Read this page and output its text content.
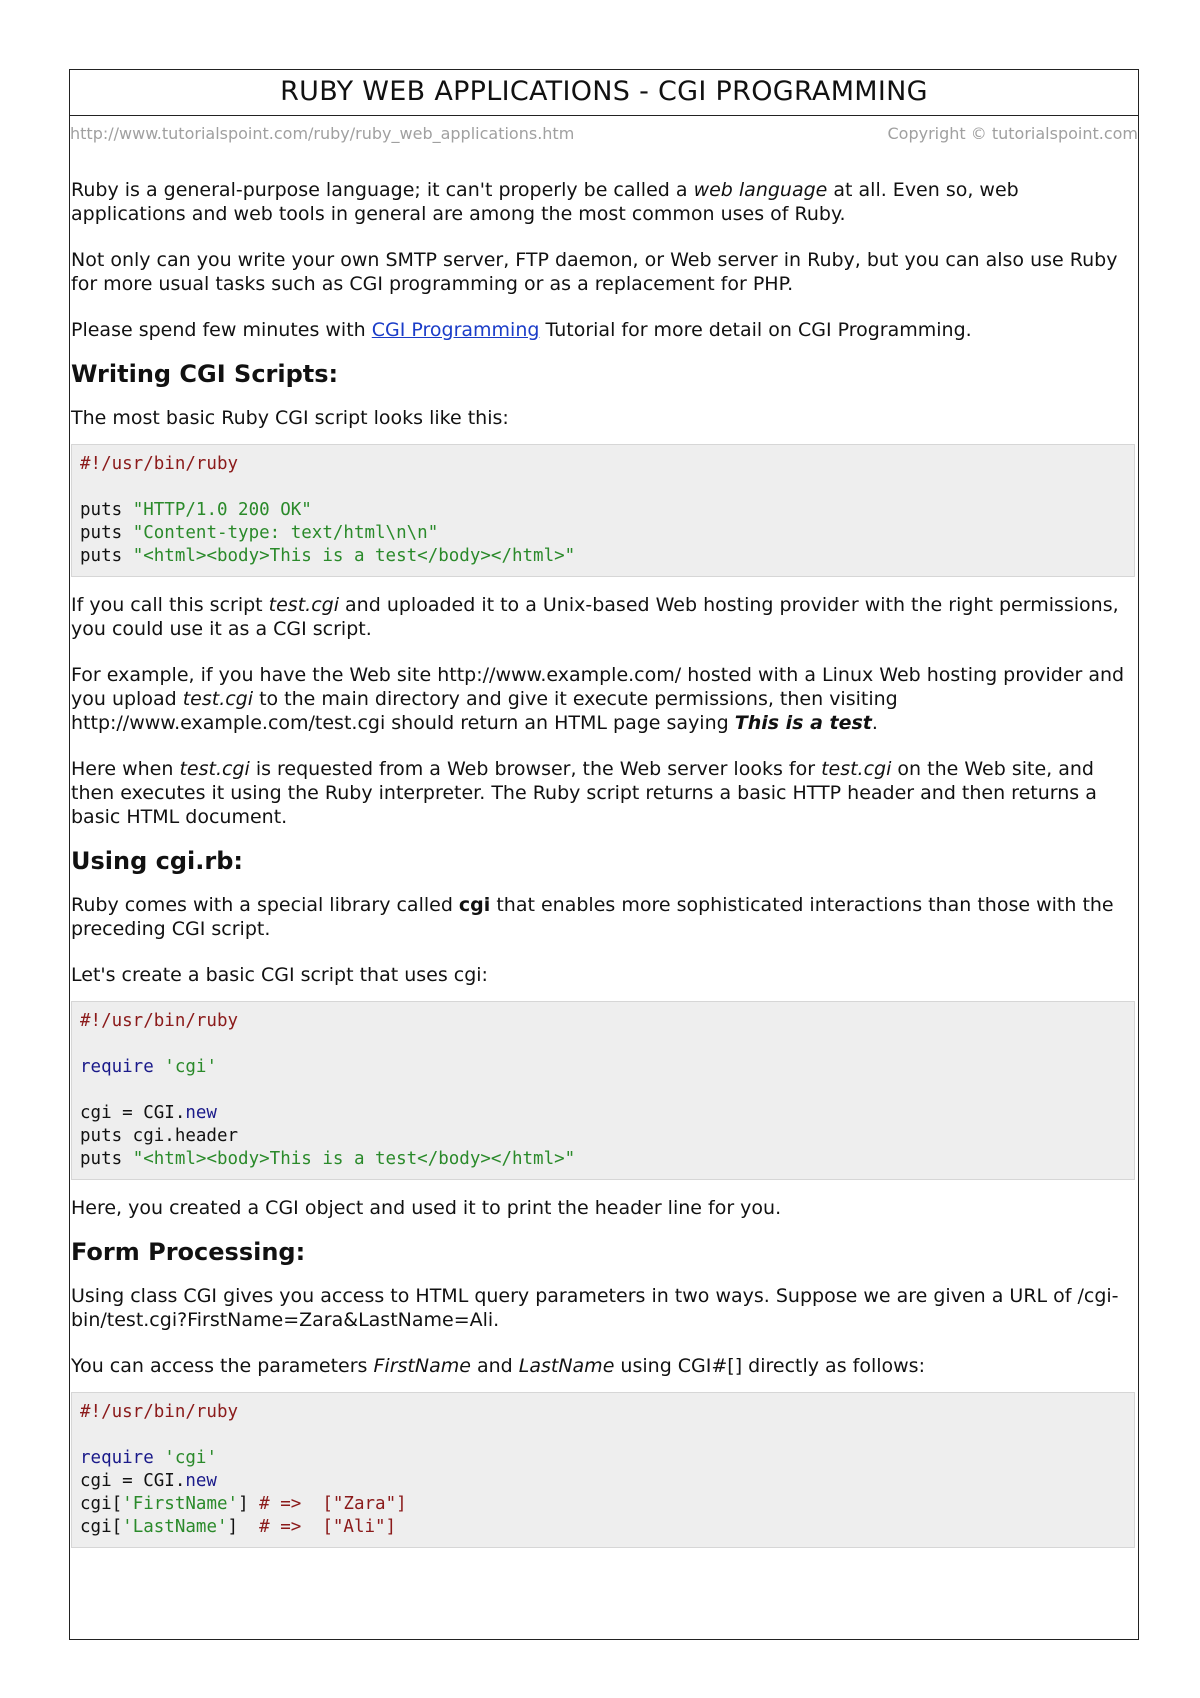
RUBY WEB APPLICATIONS - CGI PROGRAMMING
http://www.tutorialspoint.com/ruby/ruby_web_applications.htm	Copyright © tutorialspoint.com

Ruby is a general-purpose language; it can't properly be called a web language at all. Even so, web applications and web tools in general are among the most common uses of Ruby.

Not only can you write your own SMTP server, FTP daemon, or Web server in Ruby, but you can also use Ruby for more usual tasks such as CGI programming or as a replacement for PHP.

Please spend few minutes with CGI Programming Tutorial for more detail on CGI Programming.

Writing CGI Scripts:

The most basic Ruby CGI script looks like this:

#!/usr/bin/ruby

puts "HTTP/1.0 200 OK"
puts "Content-type: text/html\n\n"
puts "<html><body>This is a test</body></html>"

If you call this script test.cgi and uploaded it to a Unix-based Web hosting provider with the right permissions, you could use it as a CGI script.

For example, if you have the Web site http://www.example.com/ hosted with a Linux Web hosting provider and you upload test.cgi to the main directory and give it execute permissions, then visiting http://www.example.com/test.cgi should return an HTML page saying This is a test.

Here when test.cgi is requested from a Web browser, the Web server looks for test.cgi on the Web site, and then executes it using the Ruby interpreter. The Ruby script returns a basic HTTP header and then returns a basic HTML document.

Using cgi.rb:

Ruby comes with a special library called cgi that enables more sophisticated interactions than those with the preceding CGI script.

Let's create a basic CGI script that uses cgi:

#!/usr/bin/ruby

require 'cgi'

cgi = CGI.new
puts cgi.header
puts "<html><body>This is a test</body></html>"

Here, you created a CGI object and used it to print the header line for you.

Form Processing:

Using class CGI gives you access to HTML query parameters in two ways. Suppose we are given a URL of /cgi-bin/test.cgi?FirstName=Zara&LastName=Ali.

You can access the parameters FirstName and LastName using CGI#[] directly as follows:

#!/usr/bin/ruby

require 'cgi'
cgi = CGI.new
cgi['FirstName'] # =>  ["Zara"]
cgi['LastName']  # =>  ["Ali"]
